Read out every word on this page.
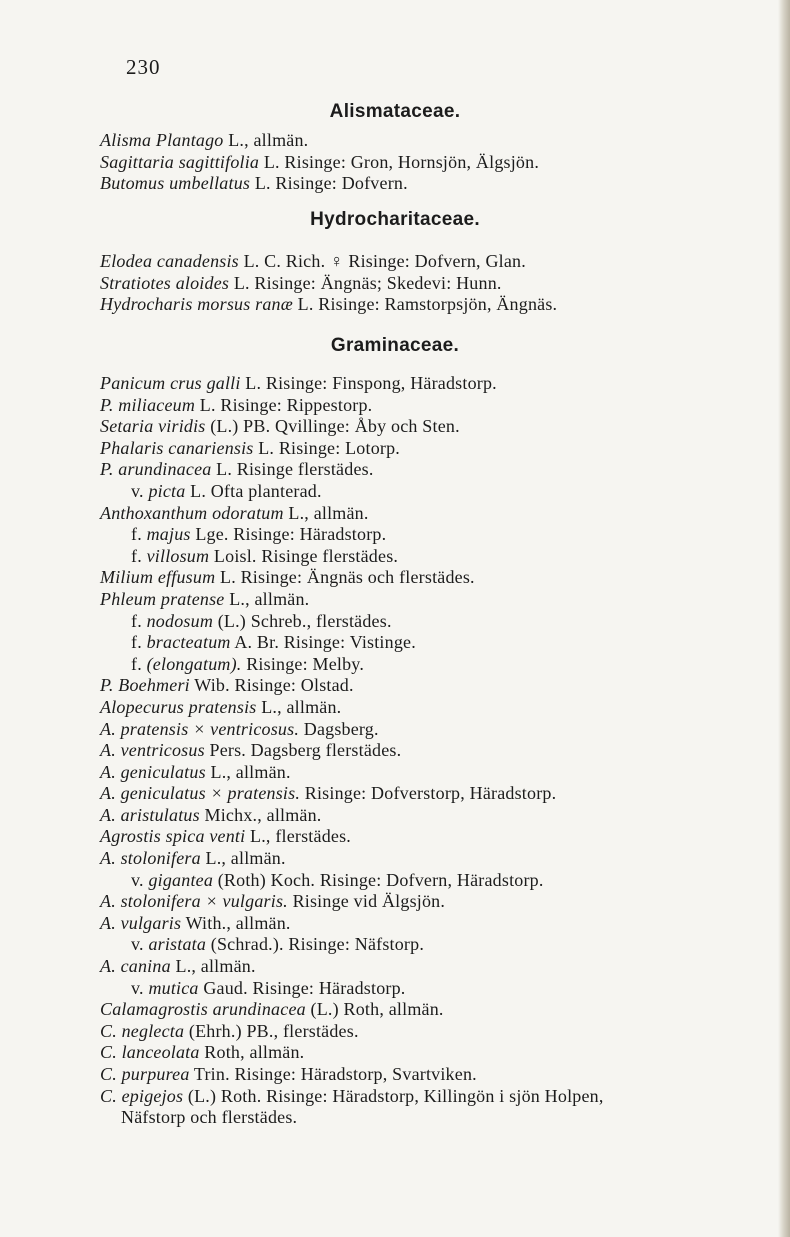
230
Alismataceae.
Alisma Plantago L., allmän.
Sagittaria sagittifolia L. Risinge: Gron, Hornsjön, Älgsjön.
Butomus umbellatus L. Risinge: Dofvern.
Hydrocharitaceae.
Elodea canadensis L. C. Rich. ♀ Risinge: Dofvern, Glan.
Stratiotes aloides L. Risinge: Ängnäs; Skedevi: Hunn.
Hydrocharis morsus ranæ L. Risinge: Ramstorpsjön, Ängnäs.
Graminaceae.
Panicum crus galli L. Risinge: Finspong, Häradstorp.
P. miliaceum L. Risinge: Rippestorp.
Setaria viridis (L.) PB. Qvillinge: Åby och Sten.
Phalaris canariensis L. Risinge: Lotorp.
P. arundinacea L. Risinge flerstädes.
v. picta L. Ofta planterad.
Anthoxanthum odoratum L., allmän.
f. majus Lge. Risinge: Häradstorp.
f. villosum Loisl. Risinge flerstädes.
Milium effusum L. Risinge: Ängnäs och flerstädes.
Phleum pratense L., allmän.
f. nodosum (L.) Schreb., flerstädes.
f. bracteatum A. Br. Risinge: Vistinge.
f. (elongatum). Risinge: Melby.
P. Boehmeri Wib. Risinge: Olstad.
Alopecurus pratensis L., allmän.
A. pratensis × ventricosus. Dagsberg.
A. ventricosus Pers. Dagsberg flerstädes.
A. geniculatus L., allmän.
A. geniculatus × pratensis. Risinge: Dofverstorp, Häradstorp.
A. aristulatus Michx., allmän.
Agrostis spica venti L., flerstädes.
A. stolonifera L., allmän.
v. gigantea (Roth) Koch. Risinge: Dofvern, Häradstorp.
A. stolonifera × vulgaris. Risinge vid Älgsjön.
A. vulgaris With., allmän.
v. aristata (Schrad.). Risinge: Näfstorp.
A. canina L., allmän.
v. mutica Gaud. Risinge: Häradstorp.
Calamagrostis arundinacea (L.) Roth, allmän.
C. neglecta (Ehrh.) PB., flerstädes.
C. lanceolata Roth, allmän.
C. purpurea Trin. Risinge: Häradstorp, Svartviken.
C. epigejos (L.) Roth. Risinge: Häradstorp, Killingön i sjön Holpen,
Näfstorp och flerstädes.
